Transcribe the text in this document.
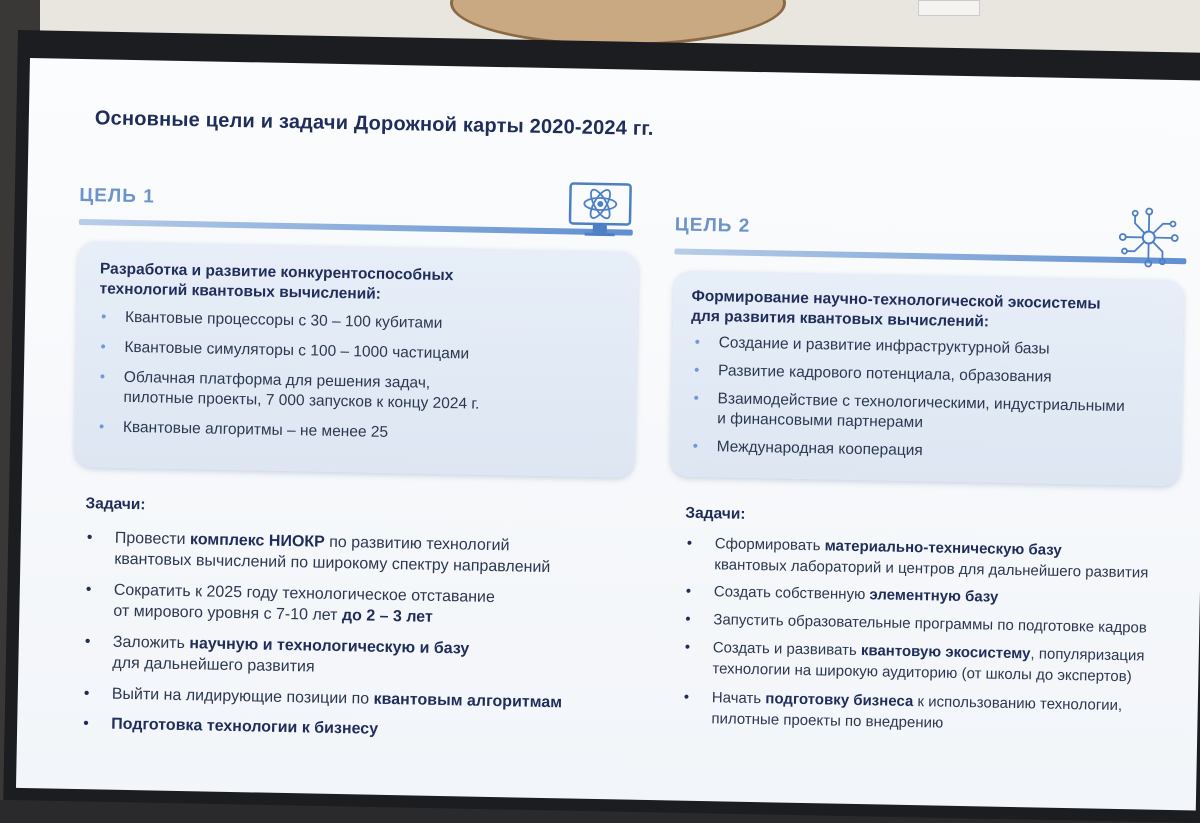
Основные цели и задачи Дорожной карты 2020-2024 гг.
ЦЕЛЬ 1
Разработка и развитие конкурентоспособных
технологий квантовых вычислений:
• Квантовые процессоры с 30 – 100 кубитами
• Квантовые симуляторы с 100 – 1000 частицами
• Облачная платформа для решения задач,
пилотные проекты, 7 000 запусков к концу 2024 г.
• Квантовые алгоритмы – не менее 25
Задачи:
• Провести комплекс НИОКР по развитию технологий
квантовых вычислений по широкому спектру направлений
• Сократить к 2025 году технологическое отставание
от мирового уровня с 7-10 лет до 2 – 3 лет
• Заложить научную и технологическую и базу
для дальнейшего развития
• Выйти на лидирующие позиции по квантовым алгоритмам
• Подготовка технологии к бизнесу
ЦЕЛЬ 2
Формирование научно-технологической экосистемы
для развития квантовых вычислений:
• Создание и развитие инфраструктурной базы
• Развитие кадрового потенциала, образования
• Взаимодействие с технологическими, индустриальными
и финансовыми партнерами
• Международная кооперация
Задачи:
• Сформировать материально-техническую базу
квантовых лабораторий и центров для дальнейшего развития
• Создать собственную элементную базу
• Запустить образовательные программы по подготовке кадров
• Создать и развивать квантовую экосистему, популяризация
технологии на широкую аудиторию (от школы до экспертов)
• Начать подготовку бизнеса к использованию технологии,
пилотные проекты по внедрению
